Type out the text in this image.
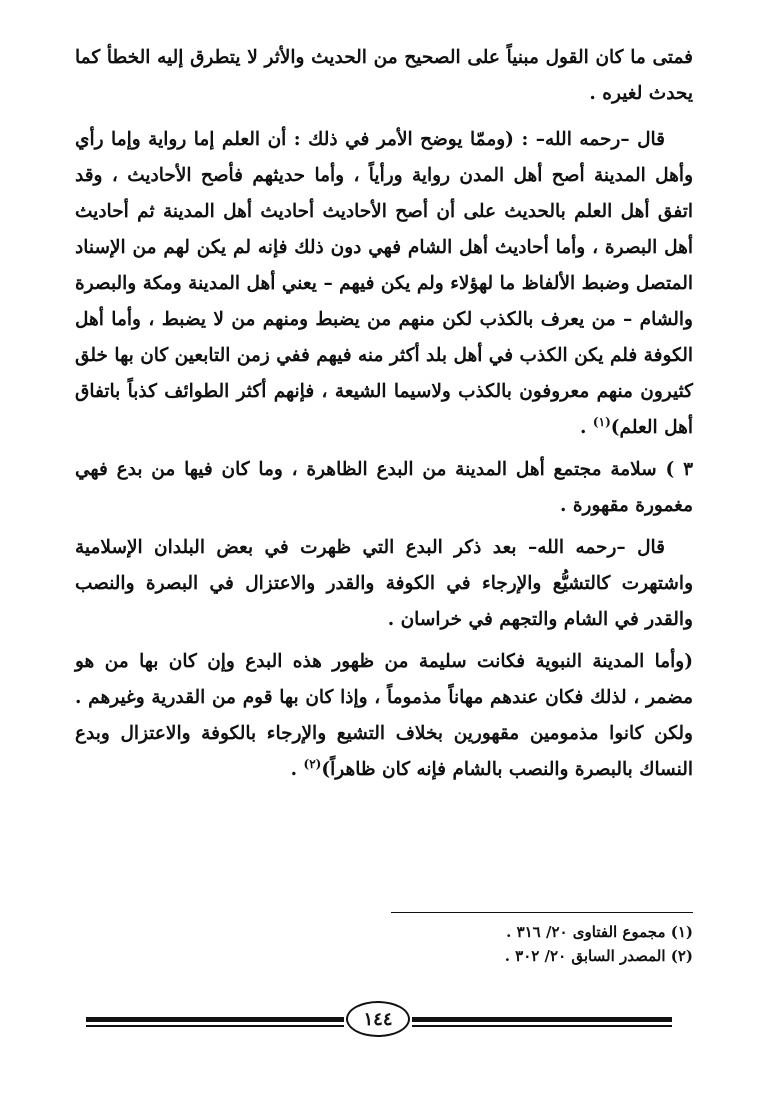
فمتى ما كان القول مبنياً على الصحيح من الحديث والأثر لا يتطرق إليه الخطأ كما يحدث لغيره .

قال –رحمه الله– : (وممّا يوضح الأمر في ذلك : أن العلم إما رواية وإما رأي وأهل المدينة أصح أهل المدن رواية ورأياً ، وأما حديثهم فأصح الأحاديث ، وقد اتفق أهل العلم بالحديث على أن أصح الأحاديث أحاديث أهل المدينة ثم أحاديث أهل البصرة ، وأما أحاديث أهل الشام فهي دون ذلك فإنه لم يكن لهم من الإسناد المتصل وضبط الألفاظ ما لهؤلاء ولم يكن فيهم – يعني أهل المدينة ومكة والبصرة والشام – من يعرف بالكذب لكن منهم من يضبط ومنهم من لا يضبط ، وأما أهل الكوفة فلم يكن الكذب في أهل بلد أكثر منه فيهم ففي زمن التابعين كان بها خلق كثيرون منهم معروفون بالكذب ولاسيما الشيعة ، فإنهم أكثر الطوائف كذباً باتفاق أهل العلم)$^{(١)}$ .

٣ ) سلامة مجتمع أهل المدينة من البدع الظاهرة ، وما كان فيها من بدع فهي مغمورة مقهورة .

قال –رحمه الله– بعد ذكر البدع التي ظهرت في بعض البلدان الإسلامية واشتهرت كالتشيُّع والإرجاء في الكوفة والقدر والاعتزال في البصرة والنصب والقدر في الشام والتجهم في خراسان .

(وأما المدينة النبوية فكانت سليمة من ظهور هذه البدع وإن كان بها من هو مضمر ، لذلك فكان عندهم مهاناً مذموماً ، وإذا كان بها قوم من القدرية وغيرهم . ولكن كانوا مذمومين مقهورين بخلاف التشيع والإرجاء بالكوفة والاعتزال وبدع النساك بالبصرة والنصب بالشام فإنه كان ظاهراً)$^{(٢)}$ .

(١) مجموع الفتاوى ٢٠/ ٣١٦ .

(٢) المصدر السابق ٢٠/ ٣٠٢ .

١٤٤
